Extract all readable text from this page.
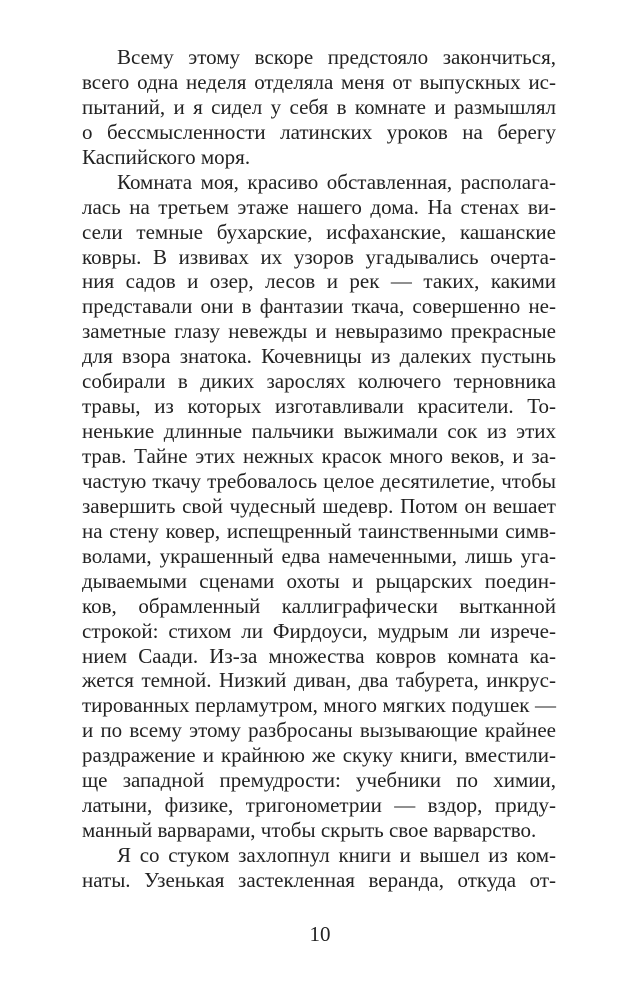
Всему этому вскоре предстояло закончиться,
всего одна неделя отделяла меня от выпускных ис-
пытаний, и я сидел у себя в комнате и размышлял
о бессмысленности латинских уроков на берегу
Каспийского моря.
Комната моя, красиво обставленная, располага-
лась на третьем этаже нашего дома. На стенах ви-
сели темные бухарские, исфаханские, кашанские
ковры. В извивах их узоров угадывались очерта-
ния садов и озер, лесов и рек — таких, какими
представали они в фантазии ткача, совершенно не-
заметные глазу невежды и невыразимо прекрасные
для взора знатока. Кочевницы из далеких пустынь
собирали в диких зарослях колючего терновника
травы, из которых изготавливали красители. То-
ненькие длинные пальчики выжимали сок из этих
трав. Тайне этих нежных красок много веков, и за-
частую ткачу требовалось целое десятилетие, чтобы
завершить свой чудесный шедевр. Потом он вешает
на стену ковер, испещренный таинственными симв-
волами, украшенный едва намеченными, лишь уга-
дываемыми сценами охоты и рыцарских поедин-
ков, обрамленный каллиграфически вытканной
строкой: стихом ли Фирдоуси, мудрым ли изрече-
нием Саади. Из-за множества ковров комната ка-
жется темной. Низкий диван, два табурета, инкрус-
тированных перламутром, много мягких подушек —
и по всему этому разбросаны вызывающие крайнее
раздражение и крайнюю же скуку книги, вместили-
ще западной премудрости: учебники по химии,
латыни, физике, тригонометрии — вздор, приду-
манный варварами, чтобы скрыть свое варварство.
Я со стуком захлопнул книги и вышел из ком-
наты. Узенькая застекленная веранда, откуда от-
10
